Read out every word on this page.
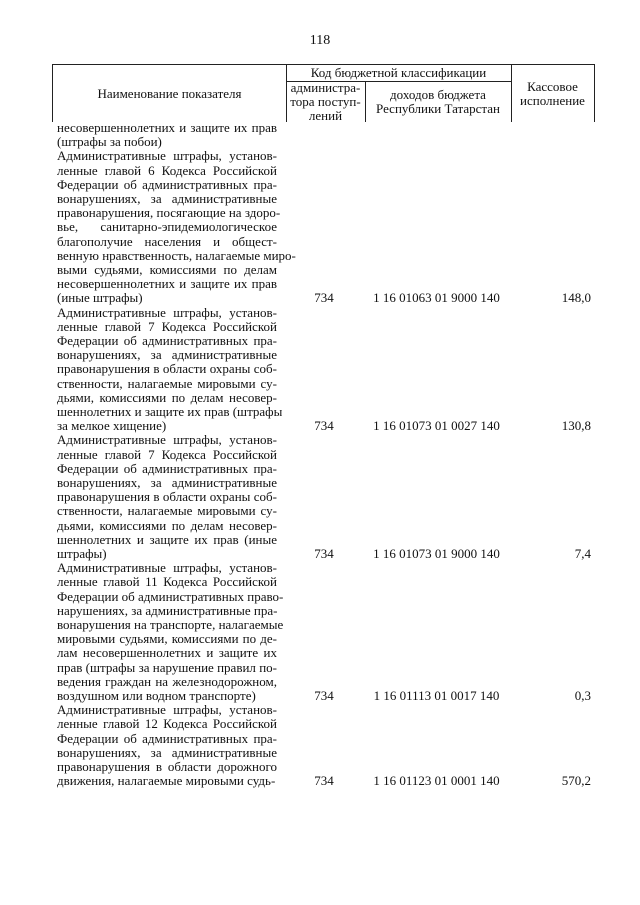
118
Наименование показателя
Код бюджетной классификации
администра-
тора поступ-
лений
доходов бюджета
Республики Татарстан
Кассовое
исполнение
несовершеннолетних и защите их прав
(штрафы за побои)
Административные штрафы, установ-
ленные главой 6 Кодекса Российской
Федерации об административных пра-
вонарушениях, за административные
правонарушения, посягающие на здоро-
вье, санитарно-эпидемиологическое
благополучие населения и общест-
венную нравственность, налагаемые миро-
выми судьями, комиссиями по делам
несовершеннолетних и защите их прав
(иные штрафы)	734	1 16 01063 01 9000 140	148,0
Административные штрафы, установ-
ленные главой 7 Кодекса Российской
Федерации об административных пра-
вонарушениях, за административные
правонарушения в области охраны соб-
ственности, налагаемые мировыми су-
дьями, комиссиями по делам несовер-
шеннолетних и защите их прав (штрафы
за мелкое хищение)	734	1 16 01073 01 0027 140	130,8
Административные штрафы, установ-
ленные главой 7 Кодекса Российской
Федерации об административных пра-
вонарушениях, за административные
правонарушения в области охраны соб-
ственности, налагаемые мировыми су-
дьями, комиссиями по делам несовер-
шеннолетних и защите их прав (иные
штрафы)	734	1 16 01073 01 9000 140	7,4
Административные штрафы, установ-
ленные главой 11 Кодекса Российской
Федерации об административных право-
нарушениях, за административные пра-
вонарушения на транспорте, налагаемые
мировыми судьями, комиссиями по де-
лам несовершеннолетних и защите их
прав (штрафы за нарушение правил по-
ведения граждан на железнодорожном,
воздушном или водном транспорте)	734	1 16 01113 01 0017 140	0,3
Административные штрафы, установ-
ленные главой 12 Кодекса Российской
Федерации об административных пра-
вонарушениях, за административные
правонарушения в области дорожного
движения, налагаемые мировыми судь-	734	1 16 01123 01 0001 140	570,2
